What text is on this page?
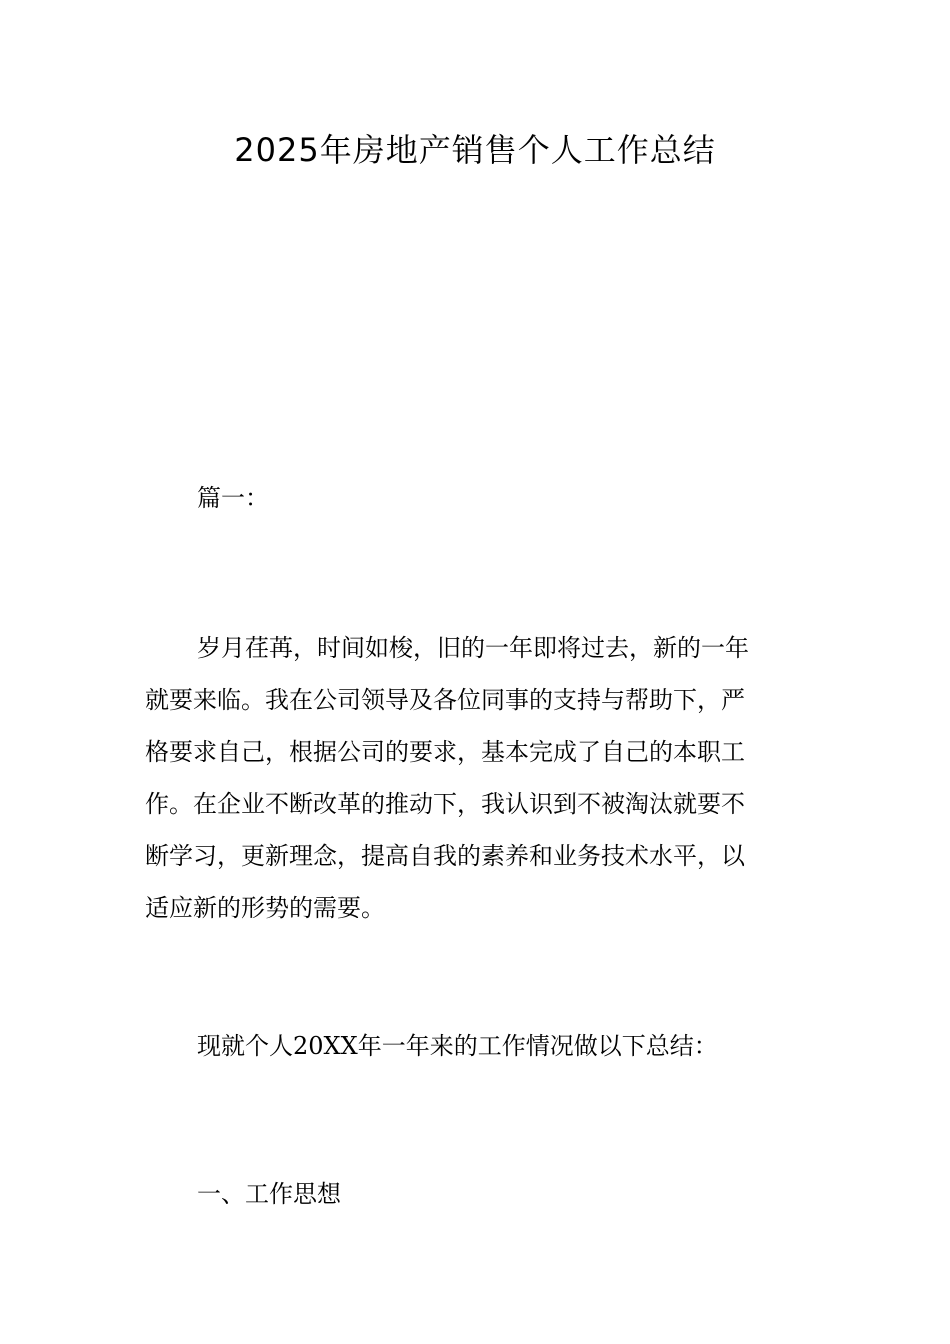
2025年房地产销售个人工作总结

篇一：

岁月荏苒，时间如梭，旧的一年即将过去，新的一年
就要来临。我在公司领导及各位同事的支持与帮助下，严
格要求自己，根据公司的要求，基本完成了自己的本职工
作。在企业不断改革的推动下，我认识到不被淘汰就要不
断学习，更新理念，提高自我的素养和业务技术水平，以
适应新的形势的需要。

现就个人20XX年一年来的工作情况做以下总结：

一、工作思想
